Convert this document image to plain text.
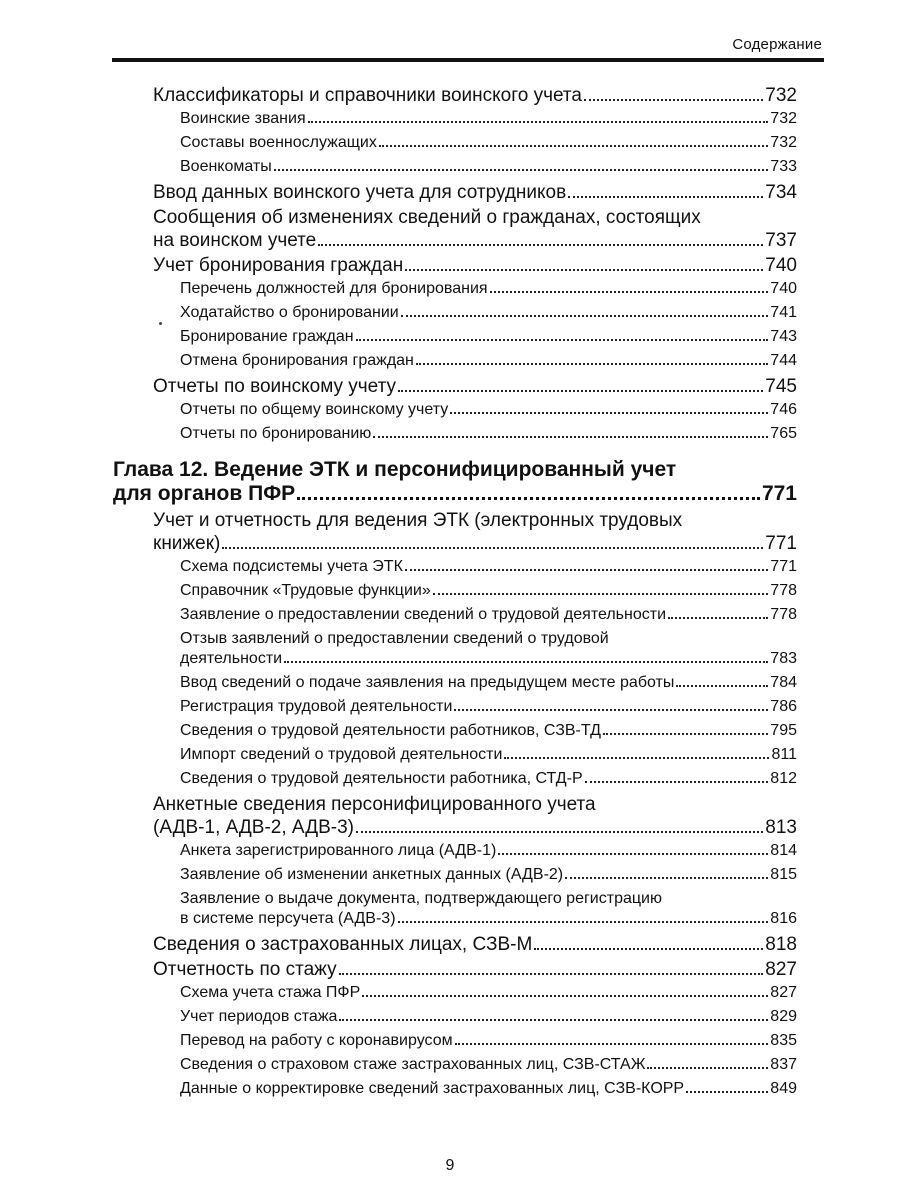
Содержание
Классификаторы и справочники воинского учета	732
Воинские звания	732
Составы военнослужащих	732
Военкоматы	733
Ввод данных воинского учета для сотрудников	734
Сообщения об изменениях сведений о гражданах, состоящих
на воинском учете	737
Учет бронирования граждан	740
Перечень должностей для бронирования	740
Ходатайство о бронировании	741
Бронирование граждан	743
Отмена бронирования граждан	744
Отчеты по воинскому учету	745
Отчеты по общему воинскому учету	746
Отчеты по бронированию	765
Глава 12. Ведение ЭТК и персонифицированный учет
для органов ПФР	771
Учет и отчетность для ведения ЭТК (электронных трудовых
книжек)	771
Схема подсистемы учета ЭТК	771
Справочник «Трудовые функции»	778
Заявление о предоставлении сведений о трудовой деятельности	778
Отзыв заявлений о предоставлении сведений о трудовой
деятельности	783
Ввод сведений о подаче заявления на предыдущем месте работы	784
Регистрация трудовой деятельности	786
Сведения о трудовой деятельности работников, СЗВ-ТД	795
Импорт сведений о трудовой деятельности	811
Сведения о трудовой деятельности работника, СТД-Р	812
Анкетные сведения персонифицированного учета
(АДВ-1, АДВ-2, АДВ-3)	813
Анкета зарегистрированного лица (АДВ-1)	814
Заявление об изменении анкетных данных (АДВ-2)	815
Заявление о выдаче документа, подтверждающего регистрацию
в системе персучета (АДВ-3)	816
Сведения о застрахованных лицах, СЗВ-М	818
Отчетность по стажу	827
Схема учета стажа ПФР	827
Учет периодов стажа	829
Перевод на работу с коронавирусом	835
Сведения о страховом стаже застрахованных лиц, СЗВ-СТАЖ	837
Данные о корректировке сведений застрахованных лиц, СЗВ-КОРР	849
9
